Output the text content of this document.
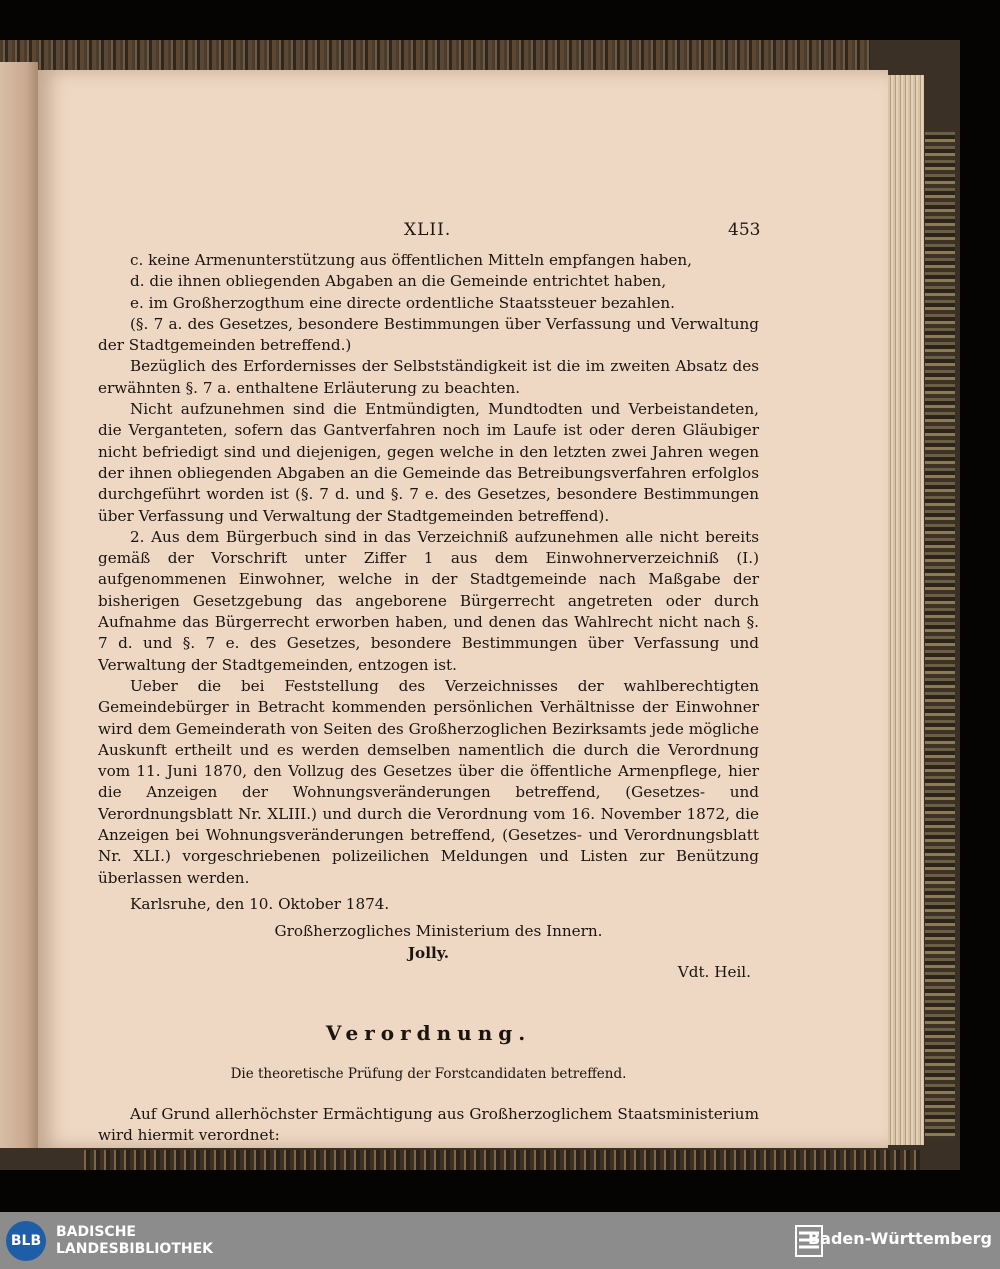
XLII.	453

c. keine Armenunterstützung aus öffentlichen Mitteln empfangen haben,

d. die ihnen obliegenden Abgaben an die Gemeinde entrichtet haben,

e. im Großherzogthum eine directe ordentliche Staatssteuer bezahlen.

(§. 7 a. des Gesetzes, besondere Bestimmungen über Verfassung und Verwaltung der Stadtgemeinden betreffend.)

Bezüglich des Erfordernisses der Selbstständigkeit ist die im zweiten Absatz des erwähnten §. 7 a. enthaltene Erläuterung zu beachten.

Nicht aufzunehmen sind die Entmündigten, Mundtodten und Verbeistandeten, die Verganteten, sofern das Gantverfahren noch im Laufe ist oder deren Gläubiger nicht befriedigt sind und diejenigen, gegen welche in den letzten zwei Jahren wegen der ihnen obliegenden Abgaben an die Gemeinde das Betreibungsverfahren erfolglos durchgeführt worden ist (§. 7 d. und §. 7 e. des Gesetzes, besondere Bestimmungen über Verfassung und Verwaltung der Stadtgemeinden betreffend).

2. Aus dem Bürgerbuch sind in das Verzeichniß aufzunehmen alle nicht bereits gemäß der Vorschrift unter Ziffer 1 aus dem Einwohnerverzeichniß (I.) aufgenommenen Einwohner, welche in der Stadtgemeinde nach Maßgabe der bisherigen Gesetzgebung das angeborene Bürgerrecht angetreten oder durch Aufnahme das Bürgerrecht erworben haben, und denen das Wahlrecht nicht nach §. 7 d. und §. 7 e. des Gesetzes, besondere Bestimmungen über Verfassung und Verwaltung der Stadtgemeinden, entzogen ist.

Ueber die bei Feststellung des Verzeichnisses der wahlberechtigten Gemeindebürger in Betracht kommenden persönlichen Verhältnisse der Einwohner wird dem Gemeinderath von Seiten des Großherzoglichen Bezirksamts jede mögliche Auskunft ertheilt und es werden demselben namentlich die durch die Verordnung vom 11. Juni 1870, den Vollzug des Gesetzes über die öffentliche Armenpflege, hier die Anzeigen der Wohnungsveränderungen betreffend, (Gesetzes- und Verordnungsblatt Nr. XLIII.) und durch die Verordnung vom 16. November 1872, die Anzeigen bei Wohnungsveränderungen betreffend, (Gesetzes- und Verordnungsblatt Nr. XLI.) vorgeschriebenen polizeilichen Meldungen und Listen zur Benützung überlassen werden.

Karlsruhe, den 10. Oktober 1874.

Großherzogliches Ministerium des Innern.

Jolly.

Vdt. Heil.

Verordnung.

Die theoretische Prüfung der Forstcandidaten betreffend.

Auf Grund allerhöchster Ermächtigung aus Großherzoglichem Staatsministerium wird hiermit verordnet:

BLB
BADISCHE
LANDESBIBLIOTHEK
Baden-Württemberg
